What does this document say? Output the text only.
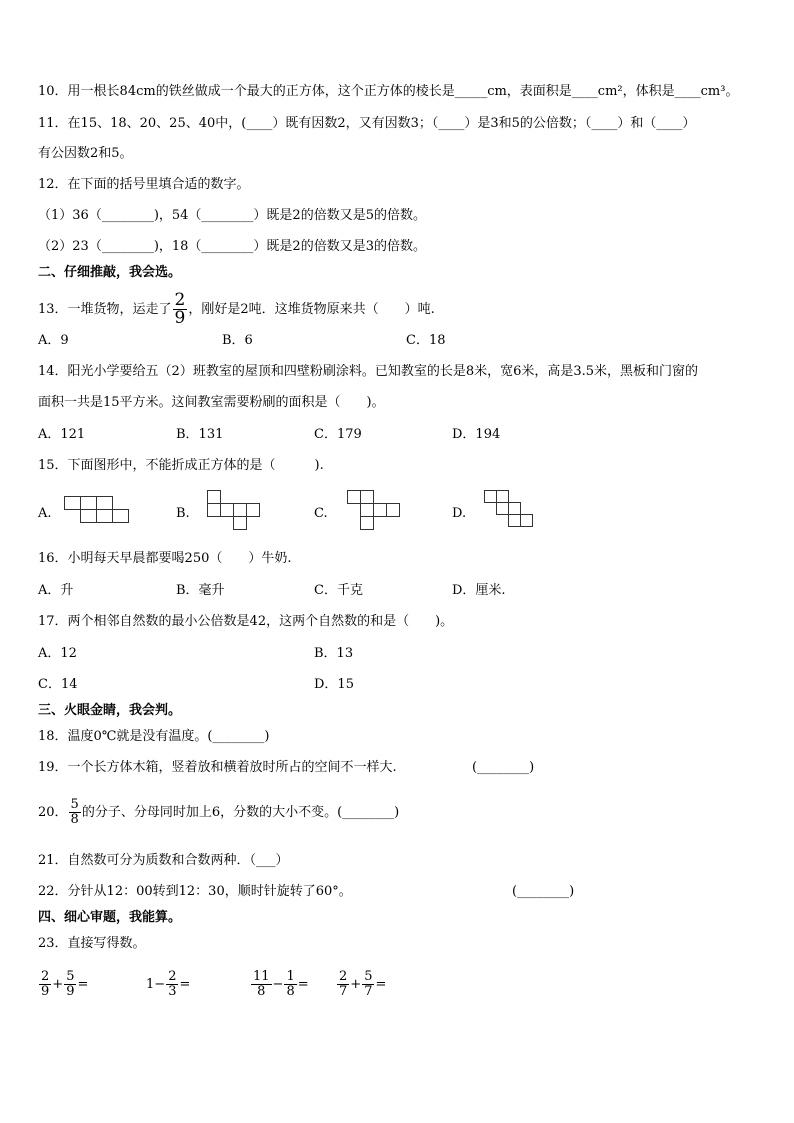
10．用一根长84cm的铁丝做成一个最大的正方体，这个正方体的棱长是_____cm，表面积是____cm²，体积是____cm³。
11．在15、18、20、25、40中，(____）既有因数2，又有因数3；（____）是3和5的公倍数；（____）和（____）
有公因数2和5。
12．在下面的括号里填合适的数字。
（1）36（________)，54（________）既是2的倍数又是5的倍数。
（2）23（________)，18（________）既是2的倍数又是3的倍数。
二、仔细推敲，我会选。
13．一堆货物，运走了 $\frac{2}{9}$ ，刚好是2吨．这堆货物原来共（　　）吨.
A．9	B．6	C．18
14．阳光小学要给五（2）班教室的屋顶和四壁粉刷涂料。已知教室的长是8米，宽6米，高是3.5米，黑板和门窗的
面积一共是15平方米。这间教室需要粉刷的面积是（　　)。
A．121	B．131	C．179	D．194
15．下面图形中，不能折成正方体的是（　　　).
A.	B.	C.	D.
16．小明每天早晨都要喝250（　　）牛奶.
A．升	B．毫升	C．千克	D．厘米.
17．两个相邻自然数的最小公倍数是42，这两个自然数的和是（　　)。
A．12	B．13
C．14	D．15
三、火眼金睛，我会判。
18．温度0℃就是没有温度。(________)
19．一个长方体木箱，竖着放和横着放时所占的空间不一样大.	(________)
20． $\frac{5}{8}$ 的分子、分母同时加上6，分数的大小不变。(________)
21．自然数可分为质数和合数两种．（___）
22．分针从12：00转到12：30，顺时针旋转了60°。	(________)
四、细心审题，我能算。
23．直接写得数。
$\frac{2}{9} + \frac{5}{9}$ =	$1- \frac{2}{3}$ =	$\frac{11}{8} - \frac{1}{8} = \frac{2}{7} + \frac{5}{7}$ =
